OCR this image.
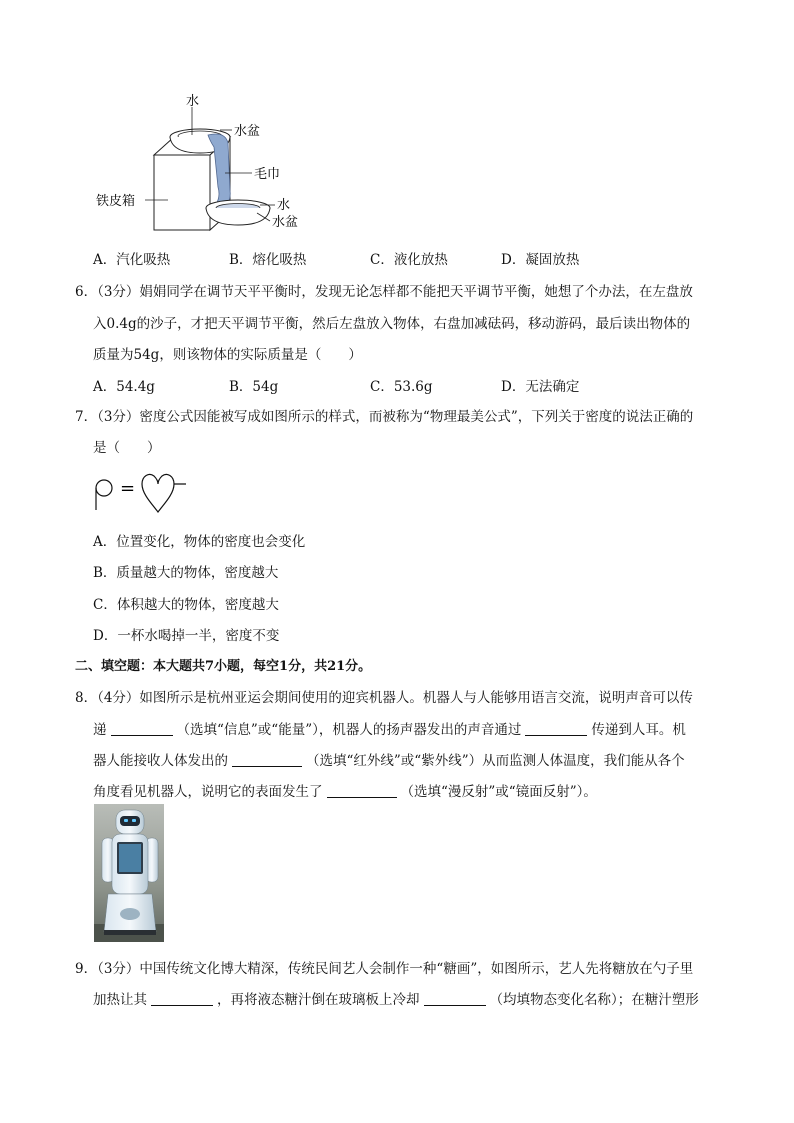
水
水盆
毛巾
铁皮箱	水
水盆
A．汽化吸热	B．熔化吸热	C．液化放热	D．凝固放热
6．（3分）娟娟同学在调节天平平衡时，发现无论怎样都不能把天平调节平衡，她想了个办法，在左盘放
入0.4g的沙子，才把天平调节平衡，然后左盘放入物体，右盘加减砝码，移动游码，最后读出物体的
质量为54g，则该物体的实际质量是（　　）
A．54.4g	B．54g	C．53.6g	D．无法确定
7．（3分）密度公式因能被写成如图所示的样式，而被称为“物理最美公式”，下列关于密度的说法正确的
是（　　）
=
A．位置变化，物体的密度也会变化
B．质量越大的物体，密度越大
C．体积越大的物体，密度越大
D．一杯水喝掉一半，密度不变
二、填空题：本大题共7小题，每空1分，共21分。
8．（4分）如图所示是杭州亚运会期间使用的迎宾机器人。机器人与人能够用语言交流，说明声音可以传
递	（选填“信息”或“能量”），机器人的扬声器发出的声音通过	传递到人耳。机
器人能接收人体发出的	（选填“红外线”或“紫外线”）从而监测人体温度，我们能从各个
角度看见机器人，说明它的表面发生了	（选填“漫反射”或“镜面反射”）。
9．（3分）中国传统文化博大精深，传统民间艺人会制作一种“糖画”，如图所示，艺人先将糖放在勺子里
加热让其	，再将液态糖汁倒在玻璃板上冷却	（均填物态变化名称）；在糖汁塑形
